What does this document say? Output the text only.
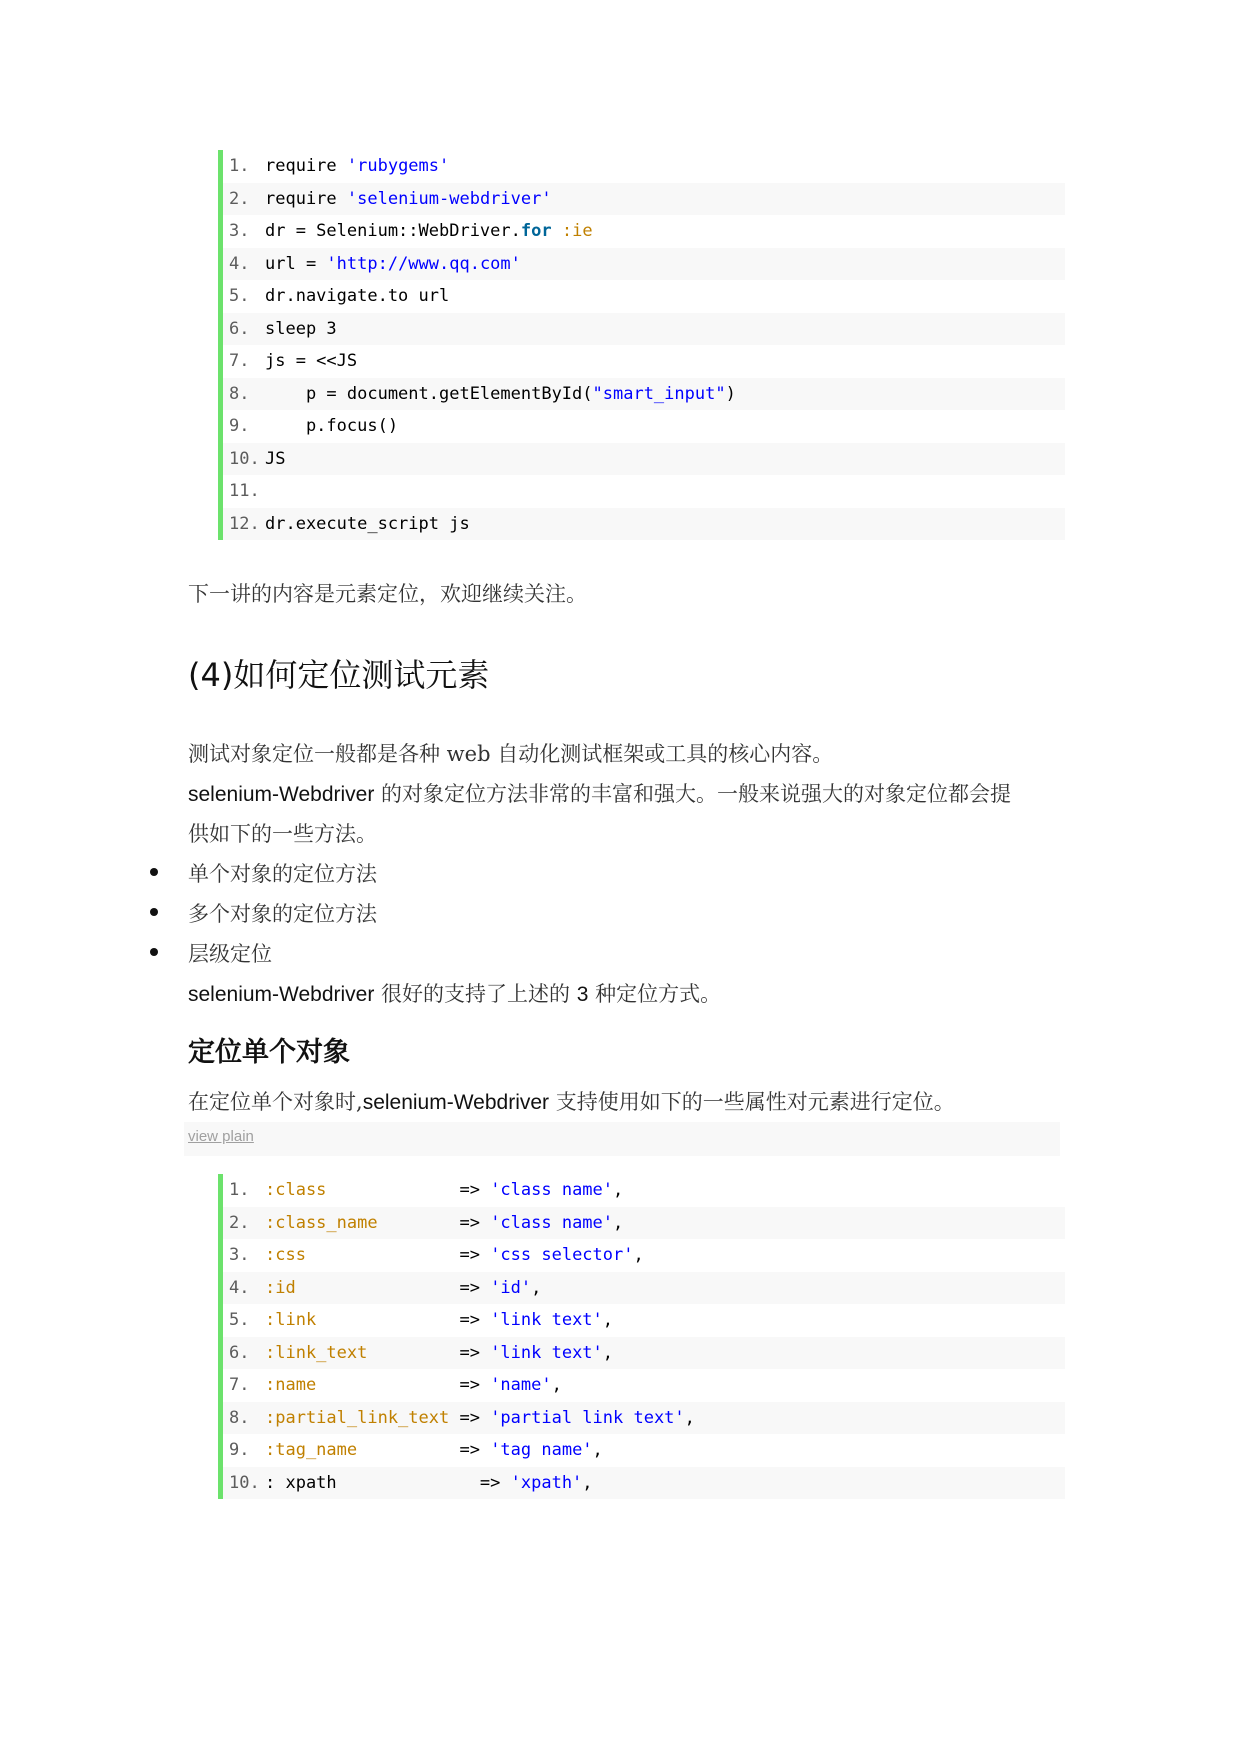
1. require 'rubygems'
2. require 'selenium-webdriver'
3. dr = Selenium::WebDriver.for :ie
4. url = 'http://www.qq.com'
5. dr.navigate.to url
6. sleep 3
7. js = <<JS
8.    p = document.getElementById("smart_input")
9.    p.focus()
10. JS
11.
12. dr.execute_script js
下一讲的内容是元素定位，欢迎继续关注。
(4)如何定位测试元素
测试对象定位一般都是各种 web 自动化测试框架或工具的核心内容。
selenium-Webdriver 的对象定位方法非常的丰富和强大。一般来说强大的对象定位都会提
供如下的一些方法。
单个对象的定位方法
多个对象的定位方法
层级定位
selenium-Webdriver 很好的支持了上述的 3 种定位方式。
定位单个对象
在定位单个对象时,selenium-Webdriver 支持使用如下的一些属性对元素进行定位。
view plain
1. :class             => 'class name',
2. :class_name        => 'class name',
3. :css               => 'css selector',
4. :id                => 'id',
5. :link              => 'link text',
6. :link_text         => 'link text',
7. :name              => 'name',
8. :partial_link_text => 'partial link text',
9. :tag_name          => 'tag name',
10. : xpath              => 'xpath',
